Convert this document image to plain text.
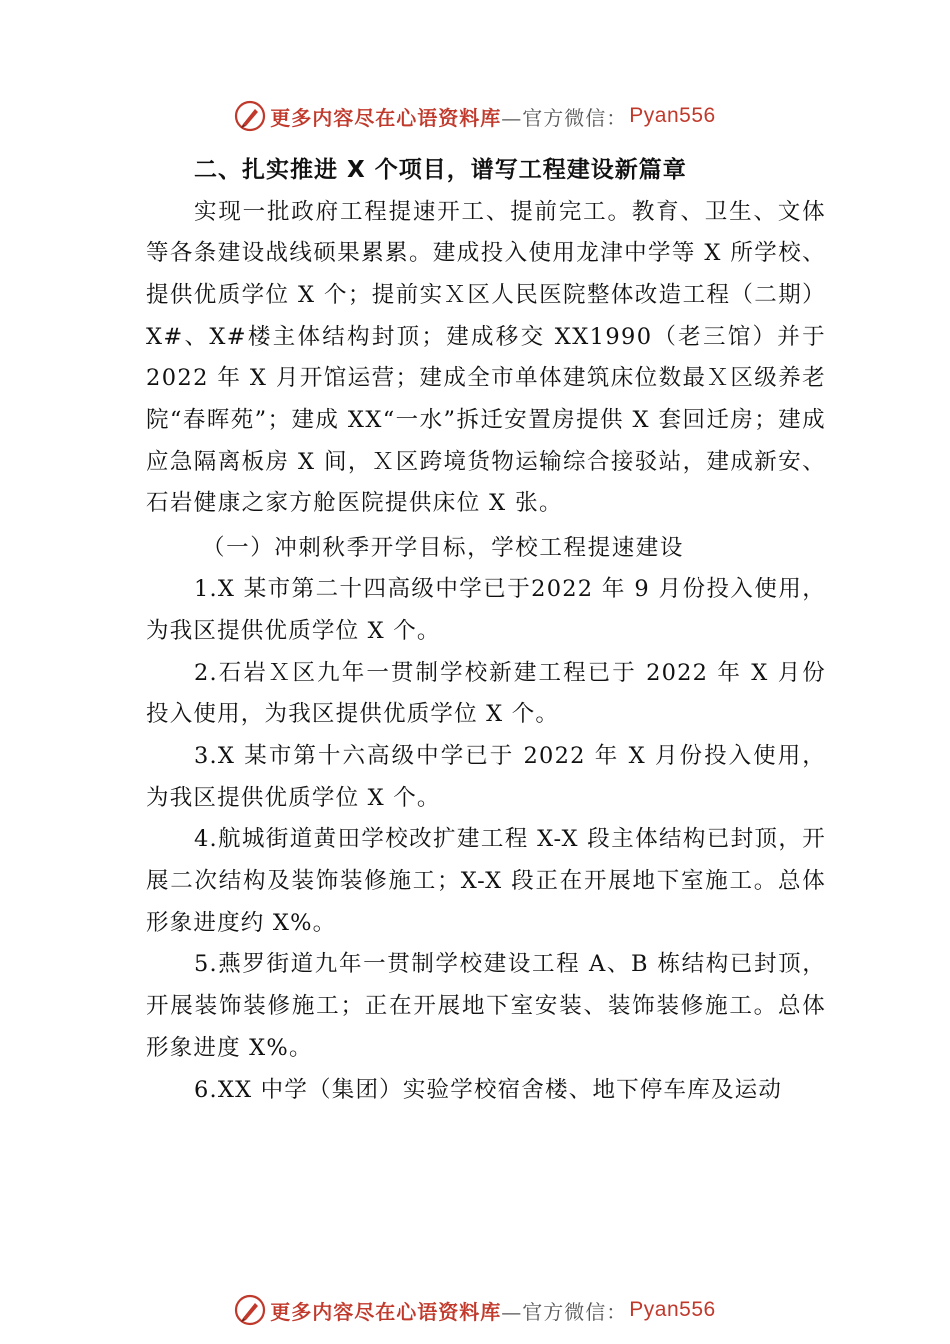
更多内容尽在心语资料库 —官方微信： Pyan556

二、扎实推进 X 个项目，谱写工程建设新篇章

实现一批政府工程提速开工、提前完工。教育、卫生、文体等各条建设战线硕果累累。建成投入使用龙津中学等 X 所学校、提供优质学位 X 个；提前实Ｘ区人民医院整体改造工程（二期）X#、X#楼主体结构封顶；建成移交 XX1990（老三馆）并于 2022 年 X 月开馆运营；建成全市单体建筑床位数最Ｘ区级养老院“春晖苑”；建成 XX“一水”拆迁安置房提供 X 套回迁房；建成应急隔离板房 X 间，Ｘ区跨境货物运输综合接驳站，建成新安、石岩健康之家方舱医院提供床位 X 张。

（一）冲刺秋季开学目标，学校工程提速建设

1.X 某市第二十四高级中学已于2022 年 9 月份投入使用，为我区提供优质学位 X 个。

2.石岩Ｘ区九年一贯制学校新建工程已于 2022 年 X 月份投入使用，为我区提供优质学位 X 个。

3.X 某市第十六高级中学已于 2022 年 X 月份投入使用，为我区提供优质学位 X 个。

4.航城街道黄田学校改扩建工程 X-X 段主体结构已封顶，开展二次结构及装饰装修施工；X-X 段正在开展地下室施工。总体形象进度约 X%。

5.燕罗街道九年一贯制学校建设工程 A、B 栋结构已封顶，开展装饰装修施工；正在开展地下室安装、装饰装修施工。总体形象进度 X%。

6.XX 中学（集团）实验学校宿舍楼、地下停车库及运动

更多内容尽在心语资料库 —官方微信： Pyan556
